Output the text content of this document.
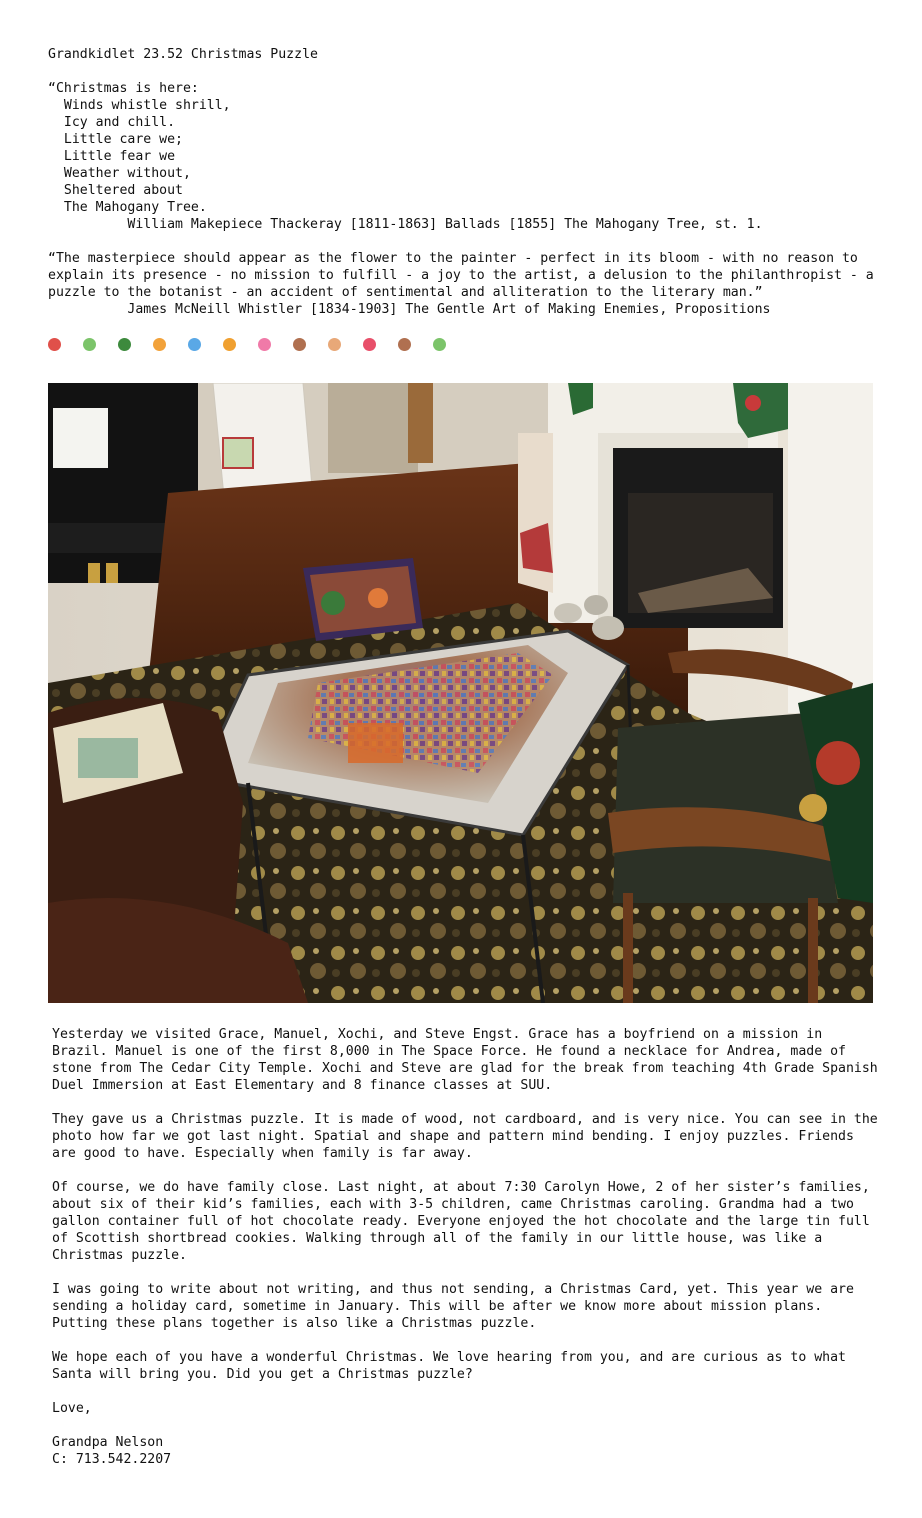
Grandkidlet 23.52 Christmas Puzzle
“Christmas is here:
Winds whistle shrill,
Icy and chill.
Little care we;
Little fear we
Weather without,
Sheltered about
The Mahogany Tree.
William Makepiece Thackeray [1811-1863] Ballads [1855] The Mahogany Tree, st. 1.
“The masterpiece should appear as the flower to the painter - perfect in its bloom - with no reason to explain its presence - no mission to fulfill - a joy to the artist, a delusion to the philanthropist - a puzzle to the botanist - an accident of sentimental and alliteration to the literary man.”
James McNeill Whistler [1834-1903] The Gentle Art of Making Enemies, Propositions
Yesterday we visited Grace, Manuel, Xochi, and Steve Engst. Grace has a boyfriend on a mission in Brazil. Manuel is one of the first 8,000 in The Space Force. He found a necklace for Andrea, made of stone from The Cedar City Temple. Xochi and Steve are glad for the break from teaching 4th Grade Spanish Duel Immersion at East Elementary and 8 finance classes at SUU.
They gave us a Christmas puzzle. It is made of wood, not cardboard, and is very nice. You can see in the photo how far we got last night. Spatial and shape and pattern mind bending. I enjoy puzzles. Friends are good to have. Especially when family is far away.
Of course, we do have family close. Last night, at about 7:30 Carolyn Howe, 2 of her sister’s families, about six of their kid’s families, each with 3-5 children, came Christmas caroling. Grandma had a two gallon container full of hot chocolate ready. Everyone enjoyed the hot chocolate and the large tin full of Scottish shortbread cookies. Walking through all of the family in our little house, was like a Christmas puzzle.
I was going to write about not writing, and thus not sending, a Christmas Card, yet. This year we are sending a holiday card, sometime in January. This will be after we know more about mission plans. Putting these plans together is also like a Christmas puzzle.
We hope each of you have a wonderful Christmas. We love hearing from you, and are curious as to what Santa will bring you. Did you get a Christmas puzzle?
Love,
Grandpa Nelson
C: 713.542.2207
